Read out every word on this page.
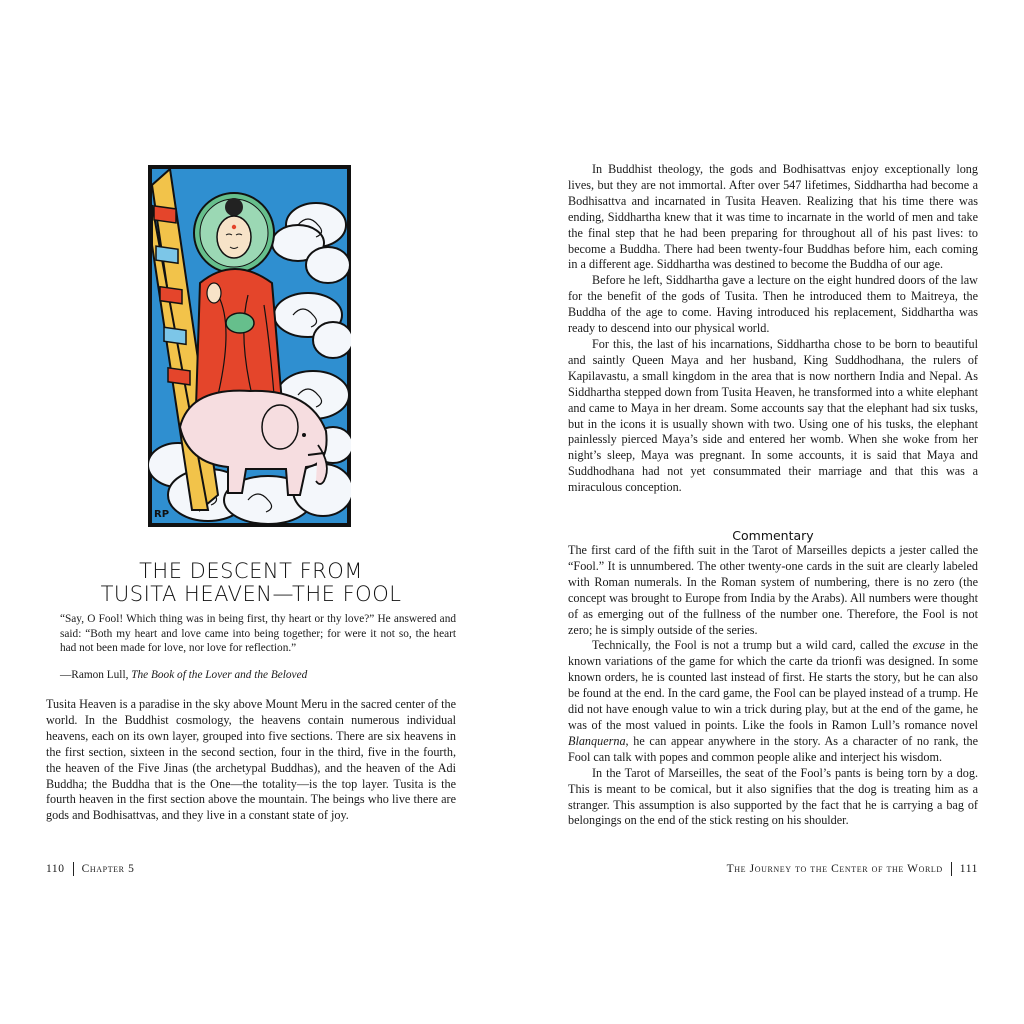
RP
THE DESCENT FROM
TUSITA HEAVEN—THE FOOL

“Say, O Fool! Which thing was in being first, thy heart or thy love?” He answered and said: “Both my heart and love came into being together; for were it not so, the heart had not been made for love, nor love for reflection.”

—Ramon Lull, The Book of the Lover and the Beloved

Tusita Heaven is a paradise in the sky above Mount Meru in the sacred center of the world. In the Buddhist cosmology, the heavens contain numerous individual heavens, each on its own layer, grouped into five sections. There are six heavens in the first section, sixteen in the second section, four in the third, five in the fourth, the heaven of the Five Jinas (the archetypal Buddhas), and the heaven of the Adi Buddha; the Buddha that is the One—the totality—is the top layer. Tusita is the fourth heaven in the first section above the mountain. The beings who live there are gods and Bodhisattvas, and they live in a constant state of joy.

110 Chapter 5

In Buddhist theology, the gods and Bodhisattvas enjoy exceptionally long lives, but they are not immortal. After over 547 lifetimes, Siddhartha had become a Bodhisattva and incarnated in Tusita Heaven. Realizing that his time there was ending, Siddhartha knew that it was time to incarnate in the world of men and take the final step that he had been preparing for throughout all of his past lives: to become a Buddha. There had been twenty-four Buddhas before him, each coming in a different age. Siddhartha was destined to become the Buddha of our age.

Before he left, Siddhartha gave a lecture on the eight hundred doors of the law for the benefit of the gods of Tusita. Then he introduced them to Maitreya, the Buddha of the age to come. Having introduced his replacement, Siddhartha was ready to descend into our physical world.

For this, the last of his incarnations, Siddhartha chose to be born to beautiful and saintly Queen Maya and her husband, King Suddhodhana, the rulers of Kapilavastu, a small kingdom in the area that is now northern India and Nepal. As Siddhartha stepped down from Tusita Heaven, he transformed into a white elephant and came to Maya in her dream. Some accounts say that the elephant had six tusks, but in the icons it is usually shown with two. Using one of his tusks, the elephant painlessly pierced Maya’s side and entered her womb. When she woke from her night’s sleep, Maya was pregnant. In some accounts, it is said that Maya and Suddhodhana had not yet consummated their marriage and that this was a miraculous conception.

Commentary

The first card of the fifth suit in the Tarot of Marseilles depicts a jester called the “Fool.” It is unnumbered. The other twenty-one cards in the suit are clearly labeled with Roman numerals. In the Roman system of numbering, there is no zero (the concept was brought to Europe from India by the Arabs). All numbers were thought of as emerging out of the fullness of the number one. Therefore, the Fool is not zero; he is simply outside of the series.

Technically, the Fool is not a trump but a wild card, called the excuse in the known variations of the game for which the carte da trionfi was designed. In some known orders, he is counted last instead of first. He starts the story, but he can also be found at the end. In the card game, the Fool can be played instead of a trump. He did not have enough value to win a trick during play, but at the end of the game, he was of the most valued in points. Like the fools in Ramon Lull’s romance novel Blanquerna, he can appear anywhere in the story. As a character of no rank, the Fool can talk with popes and common people alike and interject his wisdom.

In the Tarot of Marseilles, the seat of the Fool’s pants is being torn by a dog. This is meant to be comical, but it also signifies that the dog is treating him as a stranger. This assumption is also supported by the fact that he is carrying a bag of belongings on the end of the stick resting on his shoulder.

The Journey to the Center of the World 111
